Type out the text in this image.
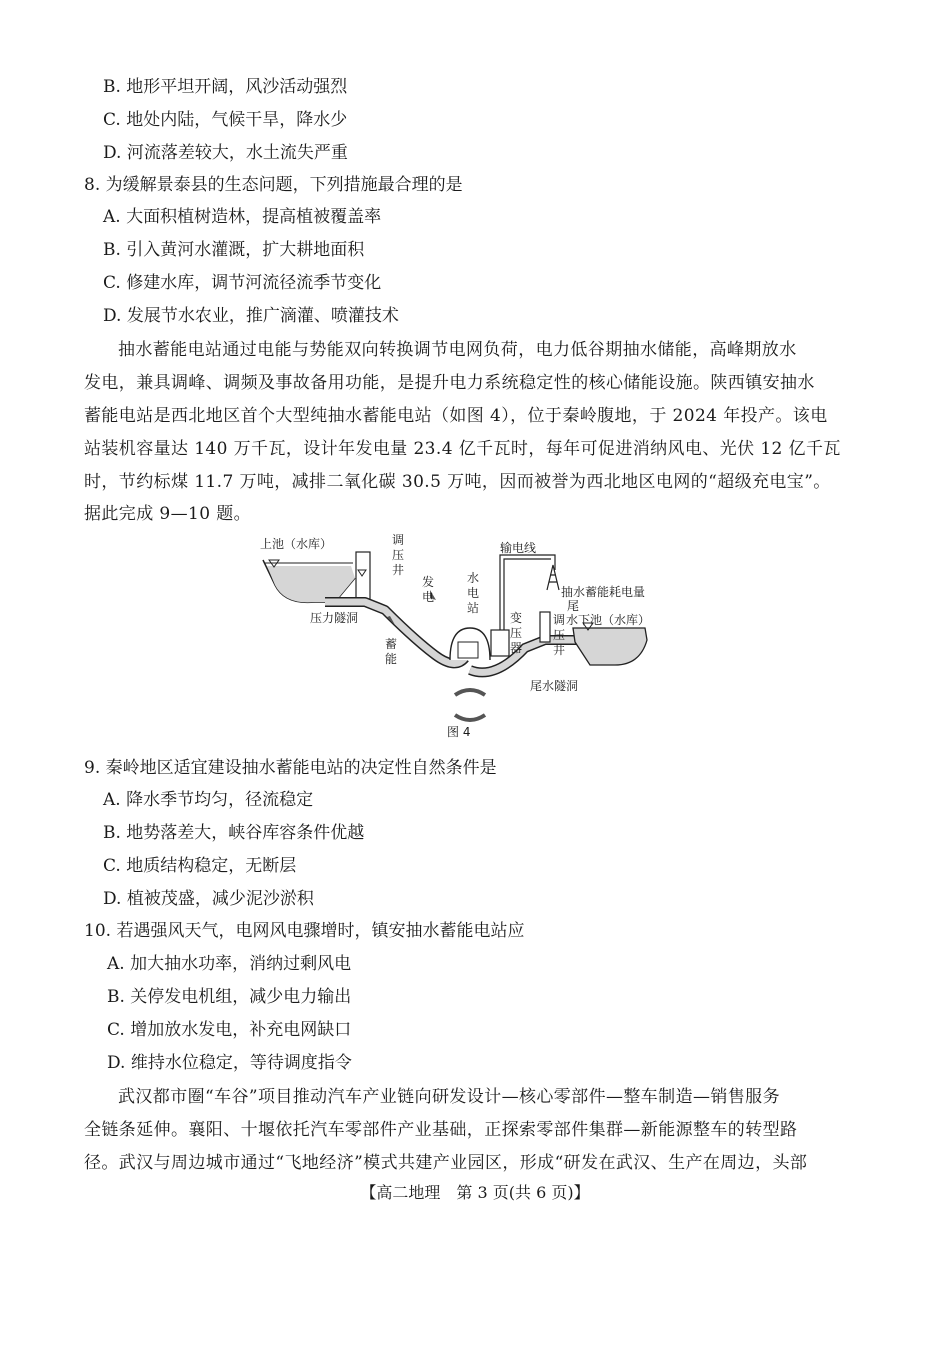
B. 地形平坦开阔，风沙活动强烈
C. 地处内陆，气候干旱，降水少
D. 河流落差较大，水土流失严重
8. 为缓解景泰县的生态问题，下列措施最合理的是
A. 大面积植树造林，提高植被覆盖率
B. 引入黄河水灌溉，扩大耕地面积
C. 修建水库，调节河流径流季节变化
D. 发展节水农业，推广滴灌、喷灌技术
抽水蓄能电站通过电能与势能双向转换调节电网负荷，电力低谷期抽水储能，高峰期放水
发电，兼具调峰、调频及事故备用功能，是提升电力系统稳定性的核心储能设施。陕西镇安抽水
蓄能电站是西北地区首个大型纯抽水蓄能电站（如图 4），位于秦岭腹地，于 2024 年投产。该电
站装机容量达 140 万千瓦，设计年发电量 23.4 亿千瓦时，每年可促进消纳风电、光伏 12 亿千瓦
时，节约标煤 11.7 万吨，减排二氧化碳 30.5 万吨，因而被誉为西北地区电网的“超级充电宝”。
据此完成 9—10 题。
上池（水库）	调
压
井
压力隧洞
发
电
蓄
能
水
电
站
变
压
器
输电线
抽水蓄能耗电量
尾
调
压
井
水下池（水库）
尾水隧洞
图 4
9. 秦岭地区适宜建设抽水蓄能电站的决定性自然条件是
A. 降水季节均匀，径流稳定
B. 地势落差大，峡谷库容条件优越
C. 地质结构稳定，无断层
D. 植被茂盛，减少泥沙淤积
10. 若遇强风天气，电网风电骤增时，镇安抽水蓄能电站应
A. 加大抽水功率，消纳过剩风电
B. 关停发电机组，减少电力输出
C. 增加放水发电，补充电网缺口
D. 维持水位稳定，等待调度指令
武汉都市圈“车谷”项目推动汽车产业链向研发设计—核心零部件—整车制造—销售服务
全链条延伸。襄阳、十堰依托汽车零部件产业基础，正探索零部件集群—新能源整车的转型路
径。武汉与周边城市通过“飞地经济”模式共建产业园区，形成“研发在武汉、生产在周边，头部
【高二地理　第 3 页(共 6 页)】
